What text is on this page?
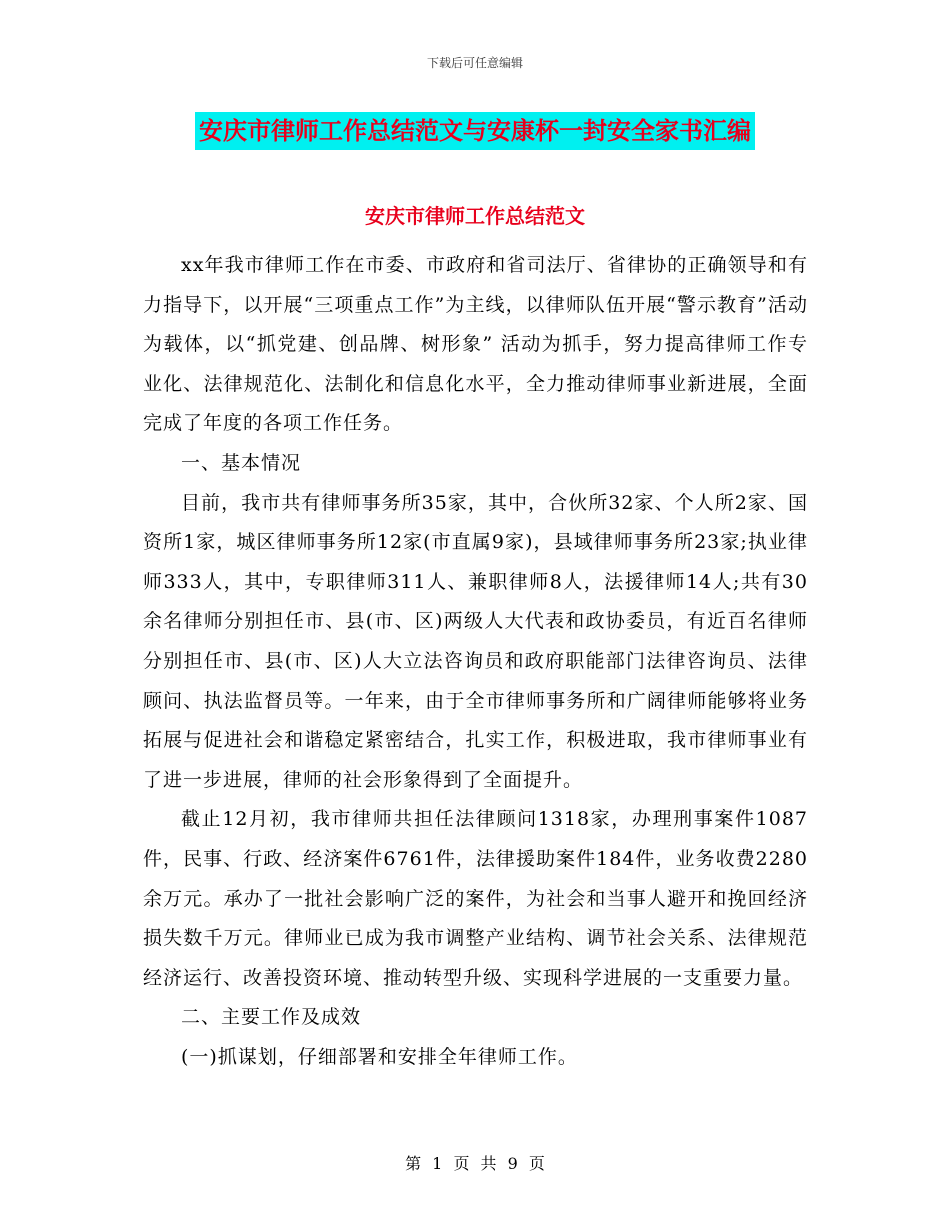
下载后可任意编辑
安庆市律师工作总结范文与安康杯一封安全家书汇编
安庆市律师工作总结范文

xx年我市律师工作在市委、市政府和省司法厅、省律协的正确领导和有力指导下，以开展“三项重点工作”为主线，以律师队伍开展“警示教育”活动为载体，以“抓党建、创品牌、树形象” 活动为抓手，努力提高律师工作专业化、法律规范化、法制化和信息化水平，全力推动律师事业新进展，全面完成了年度的各项工作任务。

一、基本情况

目前，我市共有律师事务所35家，其中，合伙所32家、个人所2家、国资所1家，城区律师事务所12家(市直属9家)，县域律师事务所23家;执业律师333人，其中，专职律师311人、兼职律师8人，法援律师14人;共有30余名律师分别担任市、县(市、区)两级人大代表和政协委员，有近百名律师分别担任市、县(市、区)人大立法咨询员和政府职能部门法律咨询员、法律顾问、执法监督员等。一年来，由于全市律师事务所和广阔律师能够将业务拓展与促进社会和谐稳定紧密结合，扎实工作，积极进取，我市律师事业有了进一步进展，律师的社会形象得到了全面提升。

截止12月初，我市律师共担任法律顾问1318家，办理刑事案件1087件，民事、行政、经济案件6761件，法律援助案件184件，业务收费2280余万元。承办了一批社会影响广泛的案件，为社会和当事人避开和挽回经济损失数千万元。律师业已成为我市调整产业结构、调节社会关系、法律规范经济运行、改善投资环境、推动转型升级、实现科学进展的一支重要力量。

二、主要工作及成效

(一)抓谋划，仔细部署和安排全年律师工作。

第 1 页 共 9 页
